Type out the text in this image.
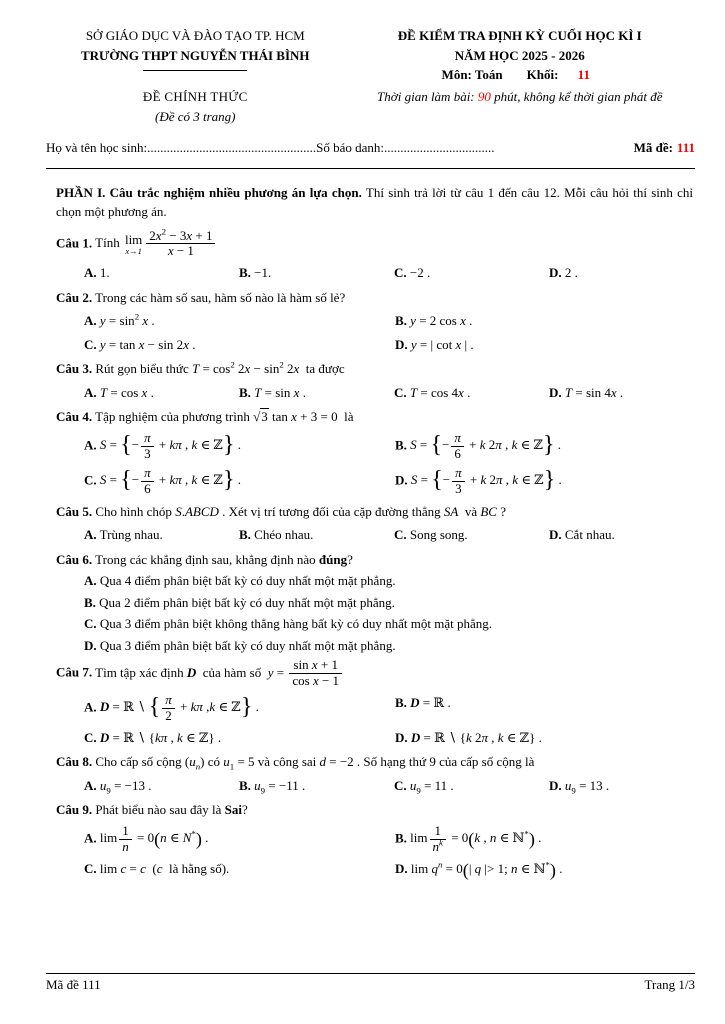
SỞ GIÁO DỤC VÀ ĐÀO TẠO TP. HCM
TRƯỜNG THPT NGUYỄN THÁI BÌNH
ĐỀ CHÍNH THỨC
(Đề có 3 trang)
ĐỀ KIỂM TRA ĐỊNH KỲ CUỐI HỌC KÌ I
NĂM HỌC 2025 - 2026
Môn: Toán Khối: 11
Thời gian làm bài: 90 phút, không kể thời gian phát đề
Họ và tên học sinh:.................................................... Số báo danh:..................................	Mã đề: 111

PHẦN I. Câu trắc nghiệm nhiều phương án lựa chọn. Thí sinh trả lời từ câu 1 đến câu 12. Mỗi câu hỏi thí sinh chỉ chọn một phương án.

Câu 1. Tính lim
$x\to 1 \frac{2x^2 - 3x + 1}{x - 1}$

A. 1.	B. −1.	C. −2 .	D. 2 .

Câu 2. Trong các hàm số sau, hàm số nào là hàm số lẻ?

A. $y = \sin^2 x$ .	B. y = 2 cos x .
C. y = tan x − sin 2x .	D. y = | cot x | .

Câu 3. Rút gọn biểu thức $T = \cos^2 2x - \sin^2 2x$  ta được

A. T = cos x .	B. T = sin x .	C. T = cos 4x .	D. T = sin 4x .

Câu 4. Tập nghiệm của phương trình √3 tan x + 3 = 0  là

A. S = {− $\frac{\pi}{3} + k\pi$ , k ∈ ℤ} .	B. S = {− $\frac{\pi}{6} + k$ 2π , k ∈ ℤ} .
C. S = {− $\frac{\pi}{6} + k\pi$ , k ∈ ℤ} .	D. S = {− $\frac{\pi}{3} + k$ 2π , k ∈ ℤ} .

Câu 5. Cho hình chóp S.ABCD . Xét vị trí tương đối của cặp đường thẳng SA  và BC ?

A. Trùng nhau.	B. Chéo nhau.	C. Song song.	D. Cắt nhau.

Câu 6. Trong các khẳng định sau, khẳng định nào đúng?

A. Qua 4 điểm phân biệt bất kỳ có duy nhất một mặt phẳng.
B. Qua 2 điểm phân biệt bất kỳ có duy nhất một mặt phẳng.
C. Qua 3 điểm phân biệt không thẳng hàng bất kỳ có duy nhất một mặt phẳng.
D. Qua 3 điểm phân biệt bất kỳ có duy nhất một mặt phẳng.

Câu 7. Tìm tập xác định D  của hàm số  $y = \frac{\text{sin x + 1}}{\text{cos x − 1}}$

A. D = ℝ ∖ { $\frac{\pi}{2} + k\pi$ ,k ∈ ℤ} .	B. D = ℝ .
C. D = ℝ ∖ {kπ , k ∈ ℤ} .	D. D = ℝ ∖ {k 2π , k ∈ ℤ} .

Câu 8. Cho cấp số cộng $(u_n)$ có $u_1 = 5$ và công sai d = −2 . Số hạng thứ 9 của cấp số cộng là

A. $u_9 = -13$ .	B. $u_9 = -11$ .	C. $u_9 = 11$ .	D. $u_9 = 13$ .

Câu 9. Phát biểu nào sau đây là Sai?

A. $\lim \frac{1}{n} = 0(n$ ∈ N*) .	B. $\lim \frac{1}{n^k} = 0(k$ , n ∈ ℕ*) .
C. lim c = c  (c  là hằng số).	D. $\lim q^n = 0(|$ q |> 1; n ∈ ℕ*) .
Mã đề 111	Trang 1/3
